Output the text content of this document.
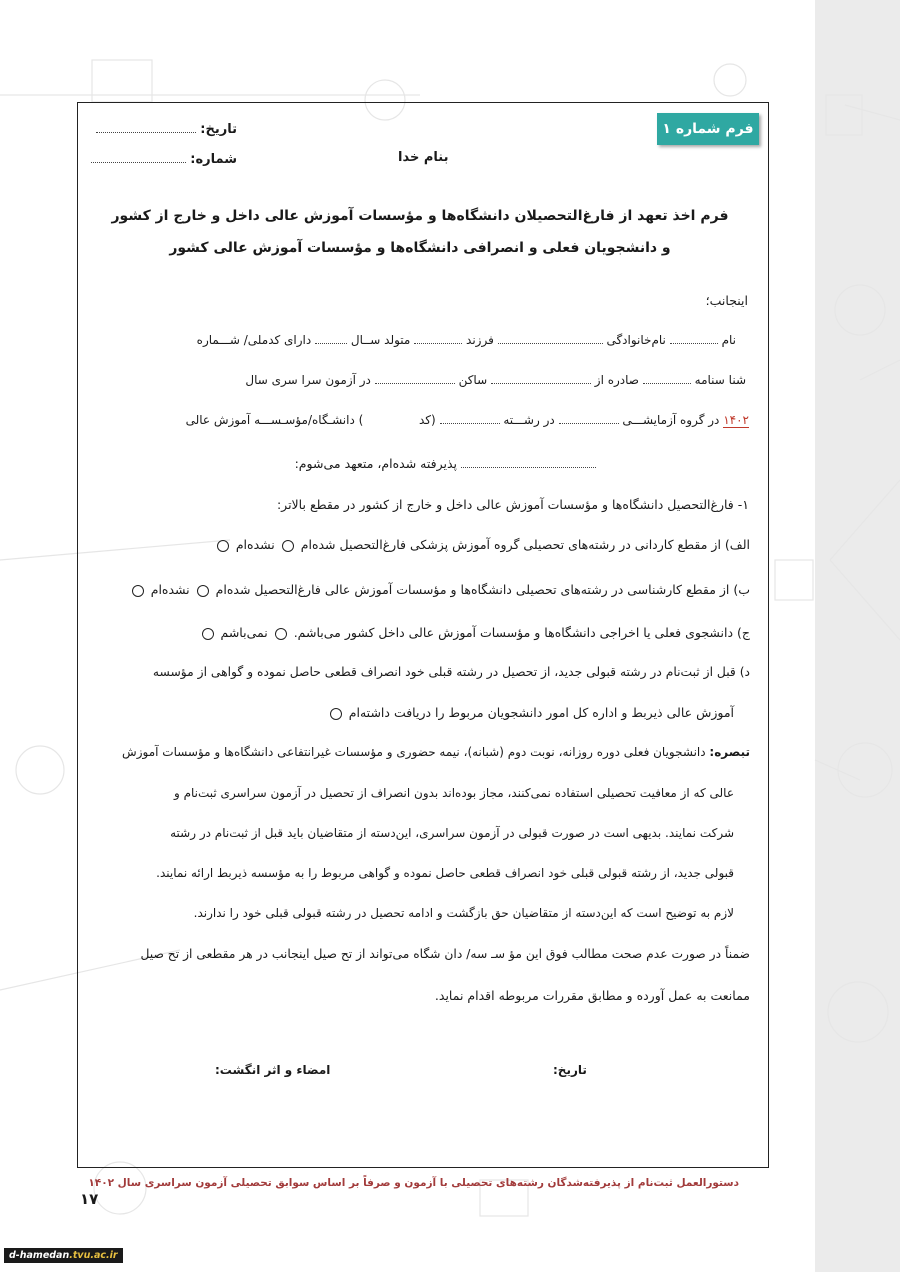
فرم شماره ۱
تاریخ:
شماره:	بنام خدا
فرم اخذ تعهد از فارغ‌التحصیلان دانشگاه‌ها و مؤسسات آموزش عالی داخل و خارج از کشور
و دانشجویان فعلی و انصرافی دانشگاه‌ها و مؤسسات آموزش عالی کشور
اینجانب؛
نام  نام‌خانوادگی  فرزند  متولد ســال  دارای کدملی/ شـــماره
شنا سنامه  صادره از  ساکن  در آزمون سرا سری سال
۱۴۰۲ در گروه آزمایشـــی  در رشـــته  (کد  ) دانشـگاه/مؤسـســـه آموزش عالی
پذیرفته شده‌ام، متعهد می‌شوم:
۱- فارغ‌التحصیل دانشگاه‌ها و مؤسسات آموزش عالی داخل و خارج از کشور در مقطع بالاتر:
الف) از مقطع کاردانی در رشته‌های تحصیلی گروه آموزش پزشکی فارغ‌التحصیل شده‌ام  نشده‌ام
ب) از مقطع کارشناسی در رشته‌های تحصیلی دانشگاه‌ها و مؤسسات آموزش عالی فارغ‌التحصیل شده‌ام  نشده‌ام
ج) دانشجوی فعلی یا اخراجی دانشگاه‌ها و مؤسسات آموزش عالی داخل کشور می‌باشم.  نمی‌باشم
د) قبل از ثبت‌نام در رشته قبولی جدید، از تحصیل در رشته قبلی خود انصراف قطعی حاصل نموده و گواهی از مؤسسه
آموزش عالی ذیربط و اداره کل امور دانشجویان مربوط را دریافت داشته‌ام
تبصره: دانشجویان فعلی دوره روزانه، نوبت دوم (شبانه)، نیمه حضوری و مؤسسات غیرانتفاعی دانشگاه‌ها و مؤسسات آموزش
عالی که از معافیت تحصیلی استفاده نمی‌کنند، مجاز بوده‌اند بدون انصراف از تحصیل در آزمون سراسری ثبت‌نام و
شرکت نمایند. بدیهی است در صورت قبولی در آزمون سراسری، این‌دسته از متقاضیان باید قبل از ثبت‌نام در رشته
قبولی جدید، از رشته قبولی قبلی خود انصراف قطعی حاصل نموده و گواهی مربوط را به مؤسسه ذیربط ارائه نمایند.
لازم به توضیح است که این‌دسته از متقاضیان حق بازگشت و ادامه تحصیل در رشته قبولی قبلی خود را ندارند.
ضمناً در صورت عدم صحت مطالب فوق این مؤ سـ سه/ دان شگاه می‌تواند از تح صیل اینجانب در هر مقطعی از تح صیل
ممانعت به عمل آورده و مطابق مقررات مربوطه اقدام نماید.
تاریخ:
امضاء و اثر انگشت:
دستورالعمل ثبت‌نام از پذیرفته‌شدگان رشته‌های تحصیلی با آزمون و صرفاً بر اساس سوابق تحصیلی آزمون سراسری سال ۱۴۰۲
۱۷
d-hamedan.tvu.ac.ir
